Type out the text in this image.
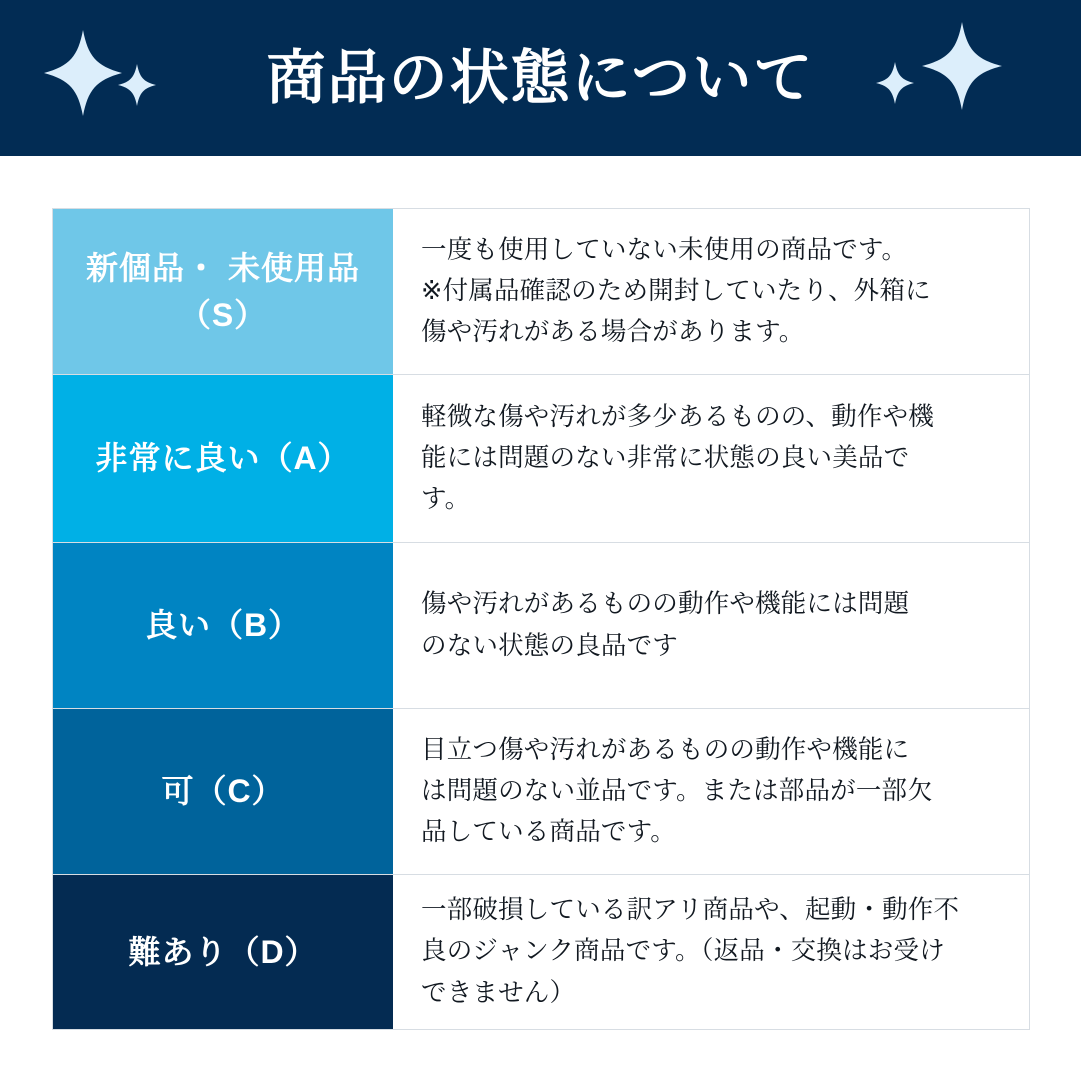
商品の状態について
新個品・ 未使用品（S）
一度も使用していない未使用の商品です。
※付属品確認のため開封していたり、外箱に
傷や汚れがある場合があります。
非常に良い（A）
軽微な傷や汚れが多少あるものの、動作や機
能には問題のない非常に状態の良い美品で
す。
良い（B）
傷や汚れがあるものの動作や機能には問題
のない状態の良品です
可（C）
目立つ傷や汚れがあるものの動作や機能に
は問題のない並品です。または部品が一部欠
品している商品です。
難あり（D）
一部破損している訳アリ商品や、起動・動作不
良のジャンク商品です。（返品・交換はお受け
できません）
